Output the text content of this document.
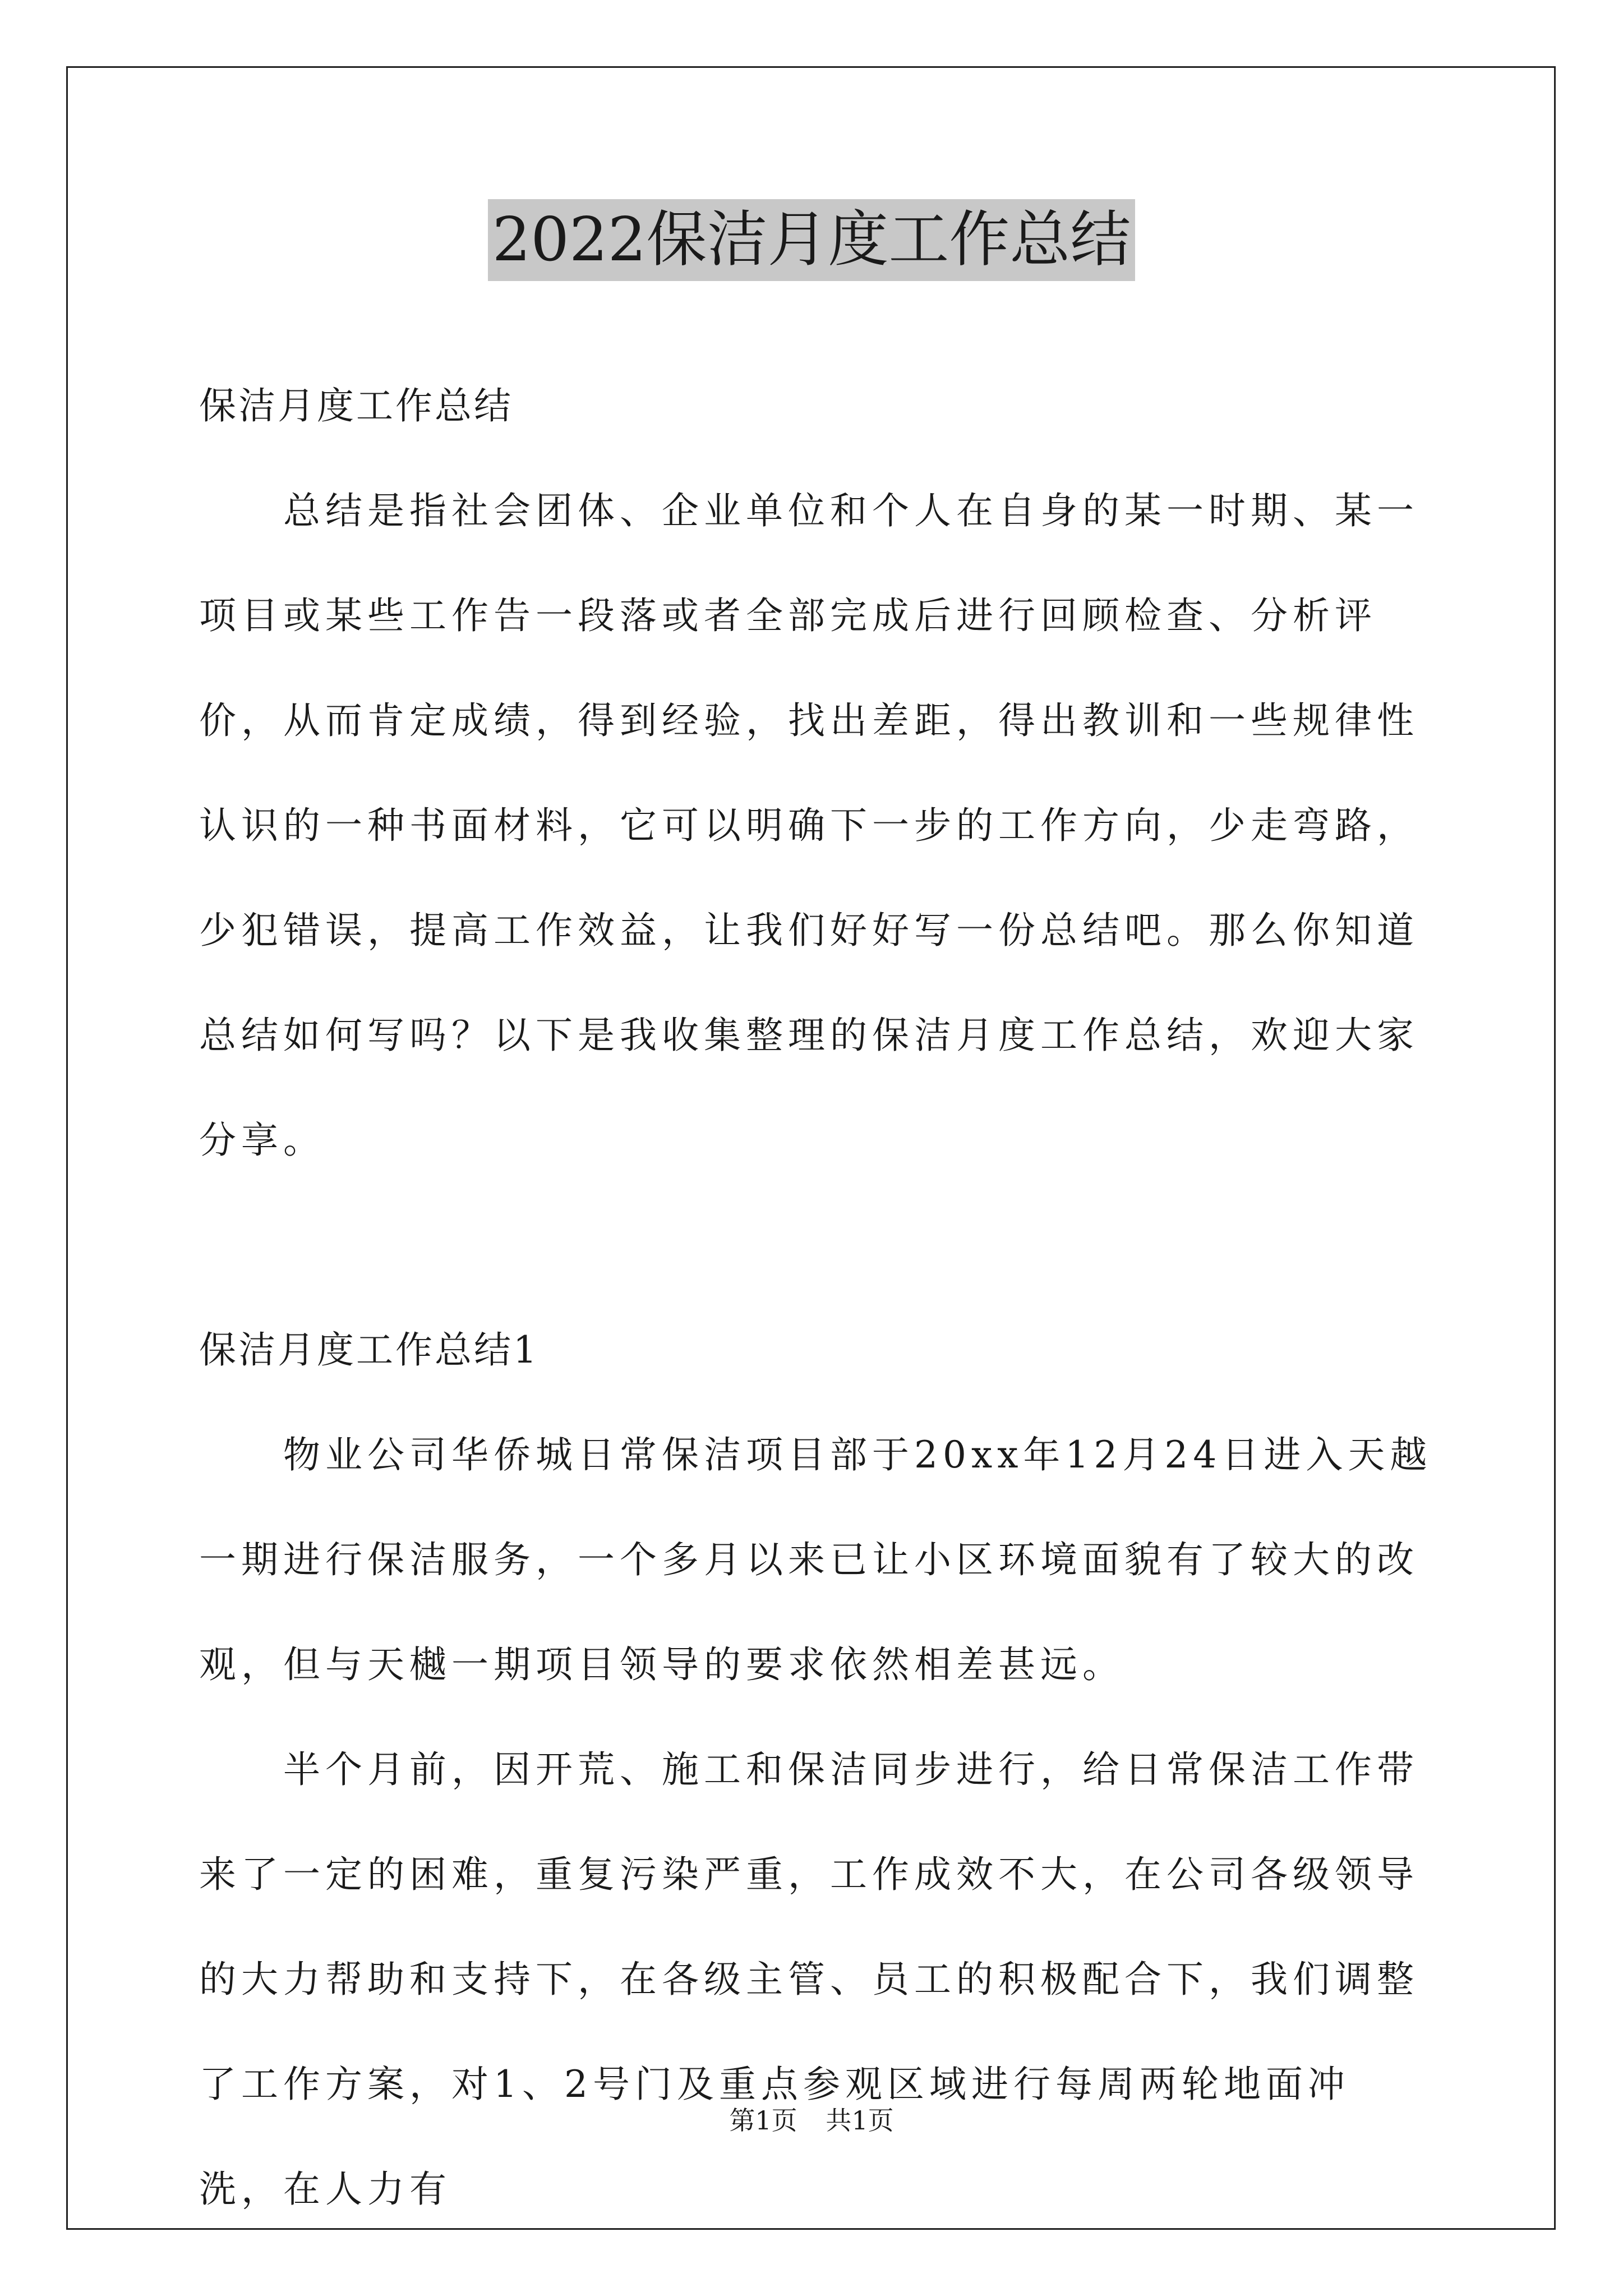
2022保洁月度工作总结

保洁月度工作总结

总结是指社会团体、企业单位和个人在自身的某一时期、某一项目或某些工作告一段落或者全部完成后进行回顾检查、分析评价，从而肯定成绩，得到经验，找出差距，得出教训和一些规律性认识的一种书面材料，它可以明确下一步的工作方向，少走弯路，少犯错误，提高工作效益，让我们好好写一份总结吧。那么你知道总结如何写吗？以下是我收集整理的保洁月度工作总结，欢迎大家分享。

保洁月度工作总结1

物业公司华侨城日常保洁项目部于20xx年12月24日进入天越一期进行保洁服务，一个多月以来已让小区环境面貌有了较大的改观，但与天樾一期项目领导的要求依然相差甚远。

半个月前，因开荒、施工和保洁同步进行，给日常保洁工作带来了一定的困难，重复污染严重，工作成效不大，在公司各级领导的大力帮助和支持下，在各级主管、员工的积极配合下，我们调整了工作方案，对1、2号门及重点参观区域进行每周两轮地面冲洗，在人力有

第1页 共1页
